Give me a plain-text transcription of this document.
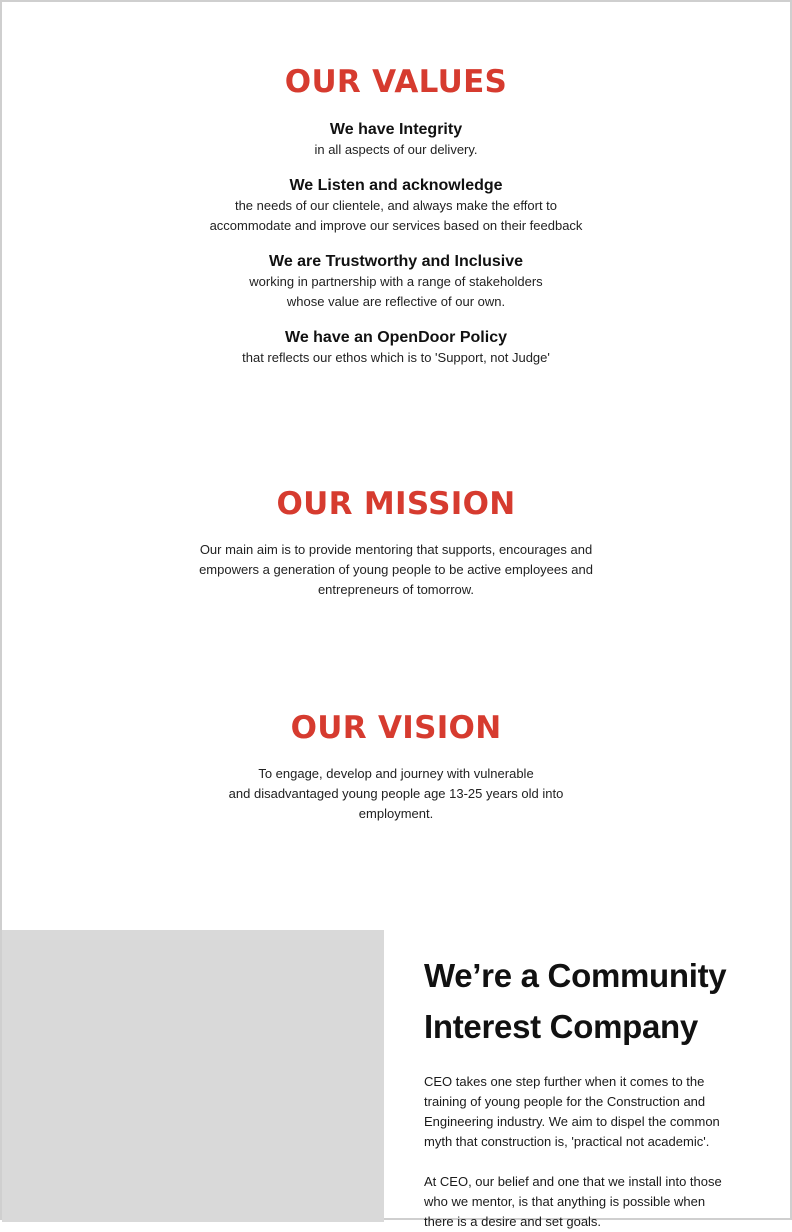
OUR VALUES
We have Integrity
in all aspects of our delivery.
We Listen and acknowledge
the needs of our clientele, and always make the effort to
accommodate and improve our services based on their feedback
We are Trustworthy and Inclusive
working in partnership with a range of stakeholders
whose value are reflective of our own.
We have an OpenDoor Policy
that reflects our ethos which is to 'Support, not Judge'
OUR MISSION
Our main aim is to provide mentoring that supports, encourages and
empowers a generation of young people to be active employees and
entrepreneurs of tomorrow.
OUR VISION
To engage, develop and journey with vulnerable
and disadvantaged young people age 13-25 years old into
employment.
We’re a Community
Interest Company

CEO takes one step further when it comes to the
training of young people for the Construction and
Engineering industry. We aim to dispel the common
myth that construction is, 'practical not academic'.

At CEO, our belief and one that we install into those
who we mentor, is that anything is possible when
there is a desire and set goals.
